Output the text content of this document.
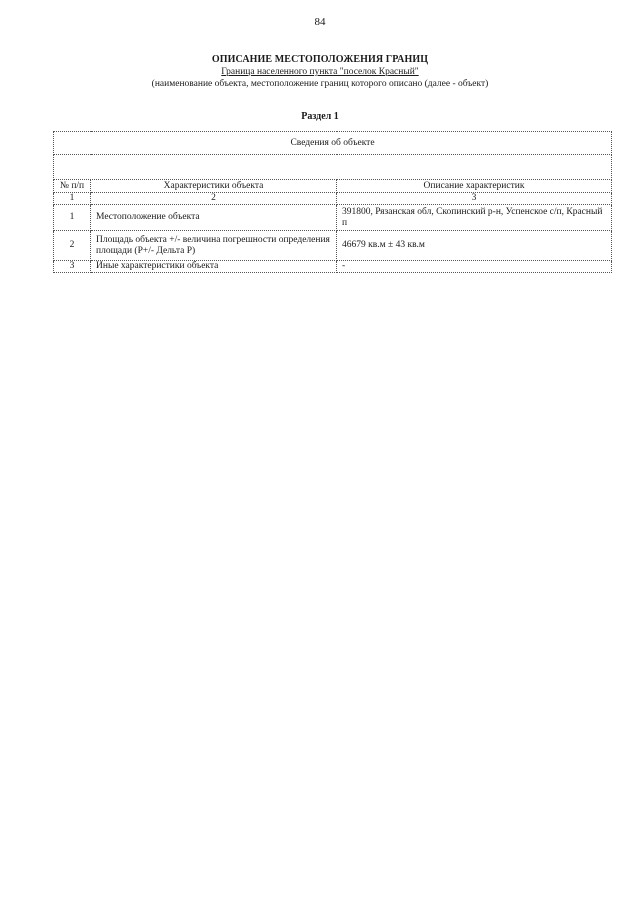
84
ОПИСАНИЕ МЕСТОПОЛОЖЕНИЯ ГРАНИЦ
Граница населенного пункта "поселок Красный"
(наименование объекта, местоположение границ которого описано (далее - объект)
Раздел 1
Сведения об объекте		

№ п/п	Характеристики объекта	Описание характеристик
1	2	3
1	Местоположение объекта	391800, Рязанская обл, Скопинский р-н, Успенское с/п, Красный п
2	Площадь объекта +/- величина погрешности определения площади (Р+/- Дельта Р)	46679 кв.м ± 43 кв.м
3	Иные характеристики объекта	-
